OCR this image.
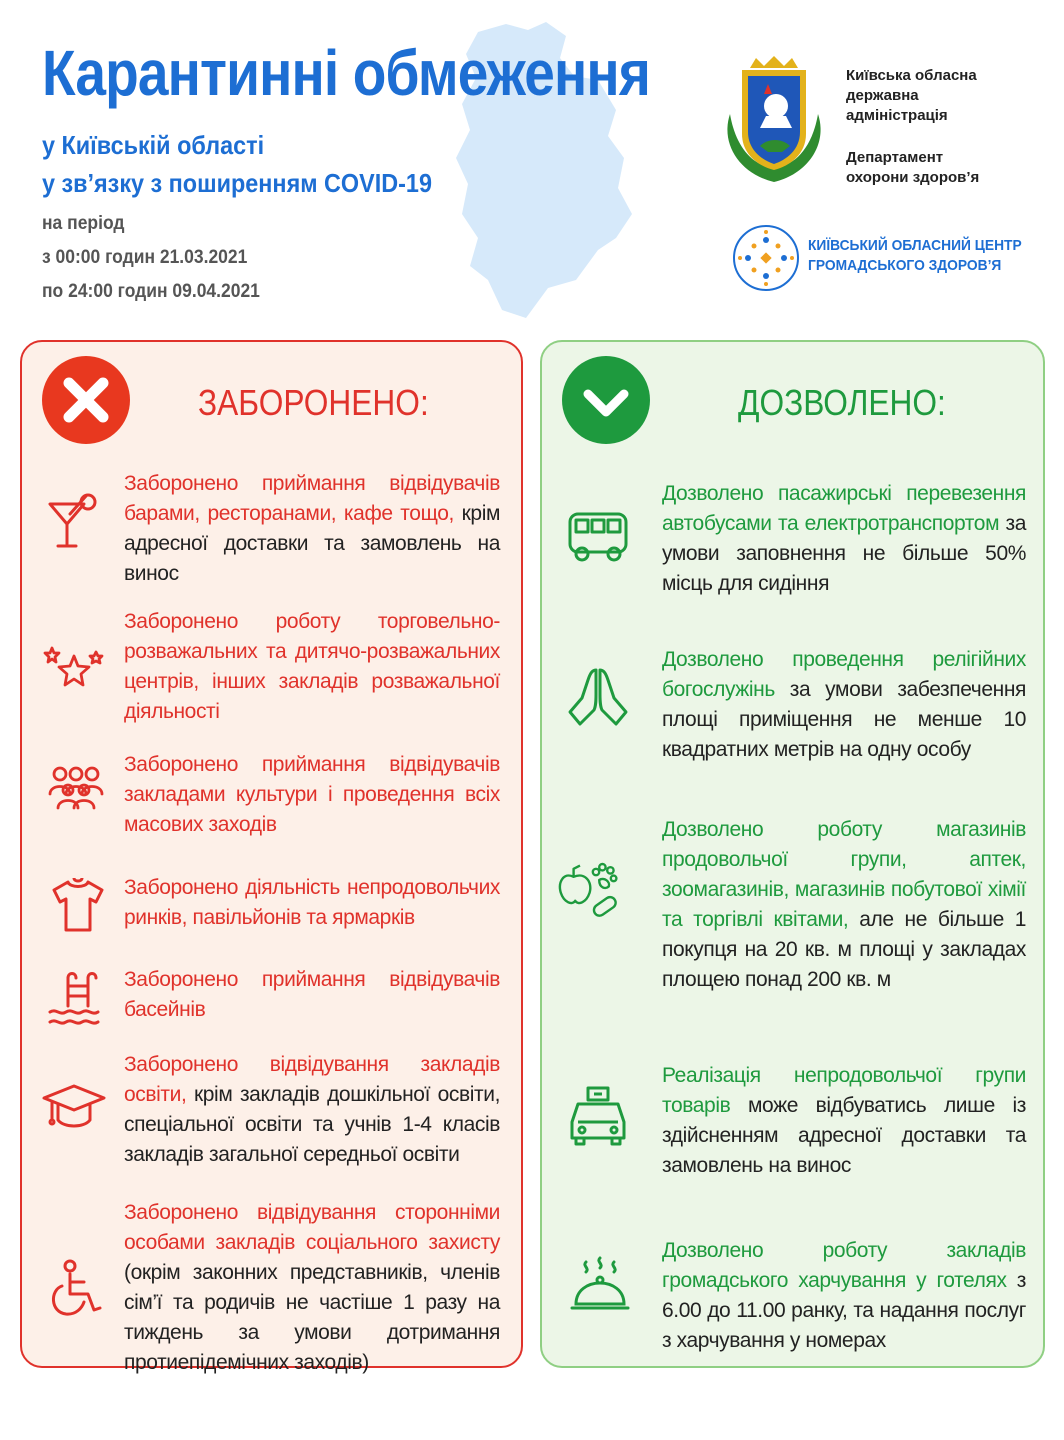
Карантинні обмеження
у Київській області
у зв’язку з поширенням COVID-19
на період
з 00:00 годин 21.03.2021
по 24:00 годин 09.04.2021
Київська обласна
державна
адміністрація
Департамент
охорони здоров’я
КИЇВСЬКИЙ ОБЛАСНИЙ ЦЕНТР
ГРОМАДСЬКОГО ЗДОРОВ’Я
ЗАБОРОНЕНО:	ДОЗВОЛЕНО:
Заборонено приймання відвідувачів барами, ресторанами, кафе тощо, крім адресної доставки та замовлень на винос
Заборонено роботу торговельно-розважальних та дитячо-розважальних центрів, інших закладів розважальної діяльності
Заборонено приймання відвідувачів закладами культури і проведення всіх масових заходів
Заборонено діяльність непродовольчих ринків, павільйонів та ярмарків
Заборонено приймання відвідувачів басейнів
Заборонено відвідування закладів освіти, крім закладів дошкільної освіти, спеціальної освіти та учнів 1-4 класів закладів загальної середньої освіти
Заборонено відвідування сторонніми особами закладів соціального захисту (окрім законних представників, членів сім’ї та родичів не частіше 1 разу на тиждень за умови дотримання протиепідемічних заходів)
Дозволено пасажирські перевезення автобусами та електротранспортом за умови заповнення не більше 50% місць для сидіння
Дозволено проведення релігійних богослужінь за умови забезпечення площі приміщення не менше 10 квадратних метрів на одну особу
Дозволено роботу магазинів продовольчої групи, аптек, зоомагазинів, магазинів побутової хімії та торгівлі квітами, але не більше 1 покупця на 20 кв. м площі у закладах площею понад 200 кв. м
Реалізація непродовольчої групи товарів може відбуватись лише із здійсненням адресної доставки та замовлень на винос
Дозволено роботу закладів громадського харчування у готелях з 6.00 до 11.00 ранку, та надання послуг з харчування у номерах
